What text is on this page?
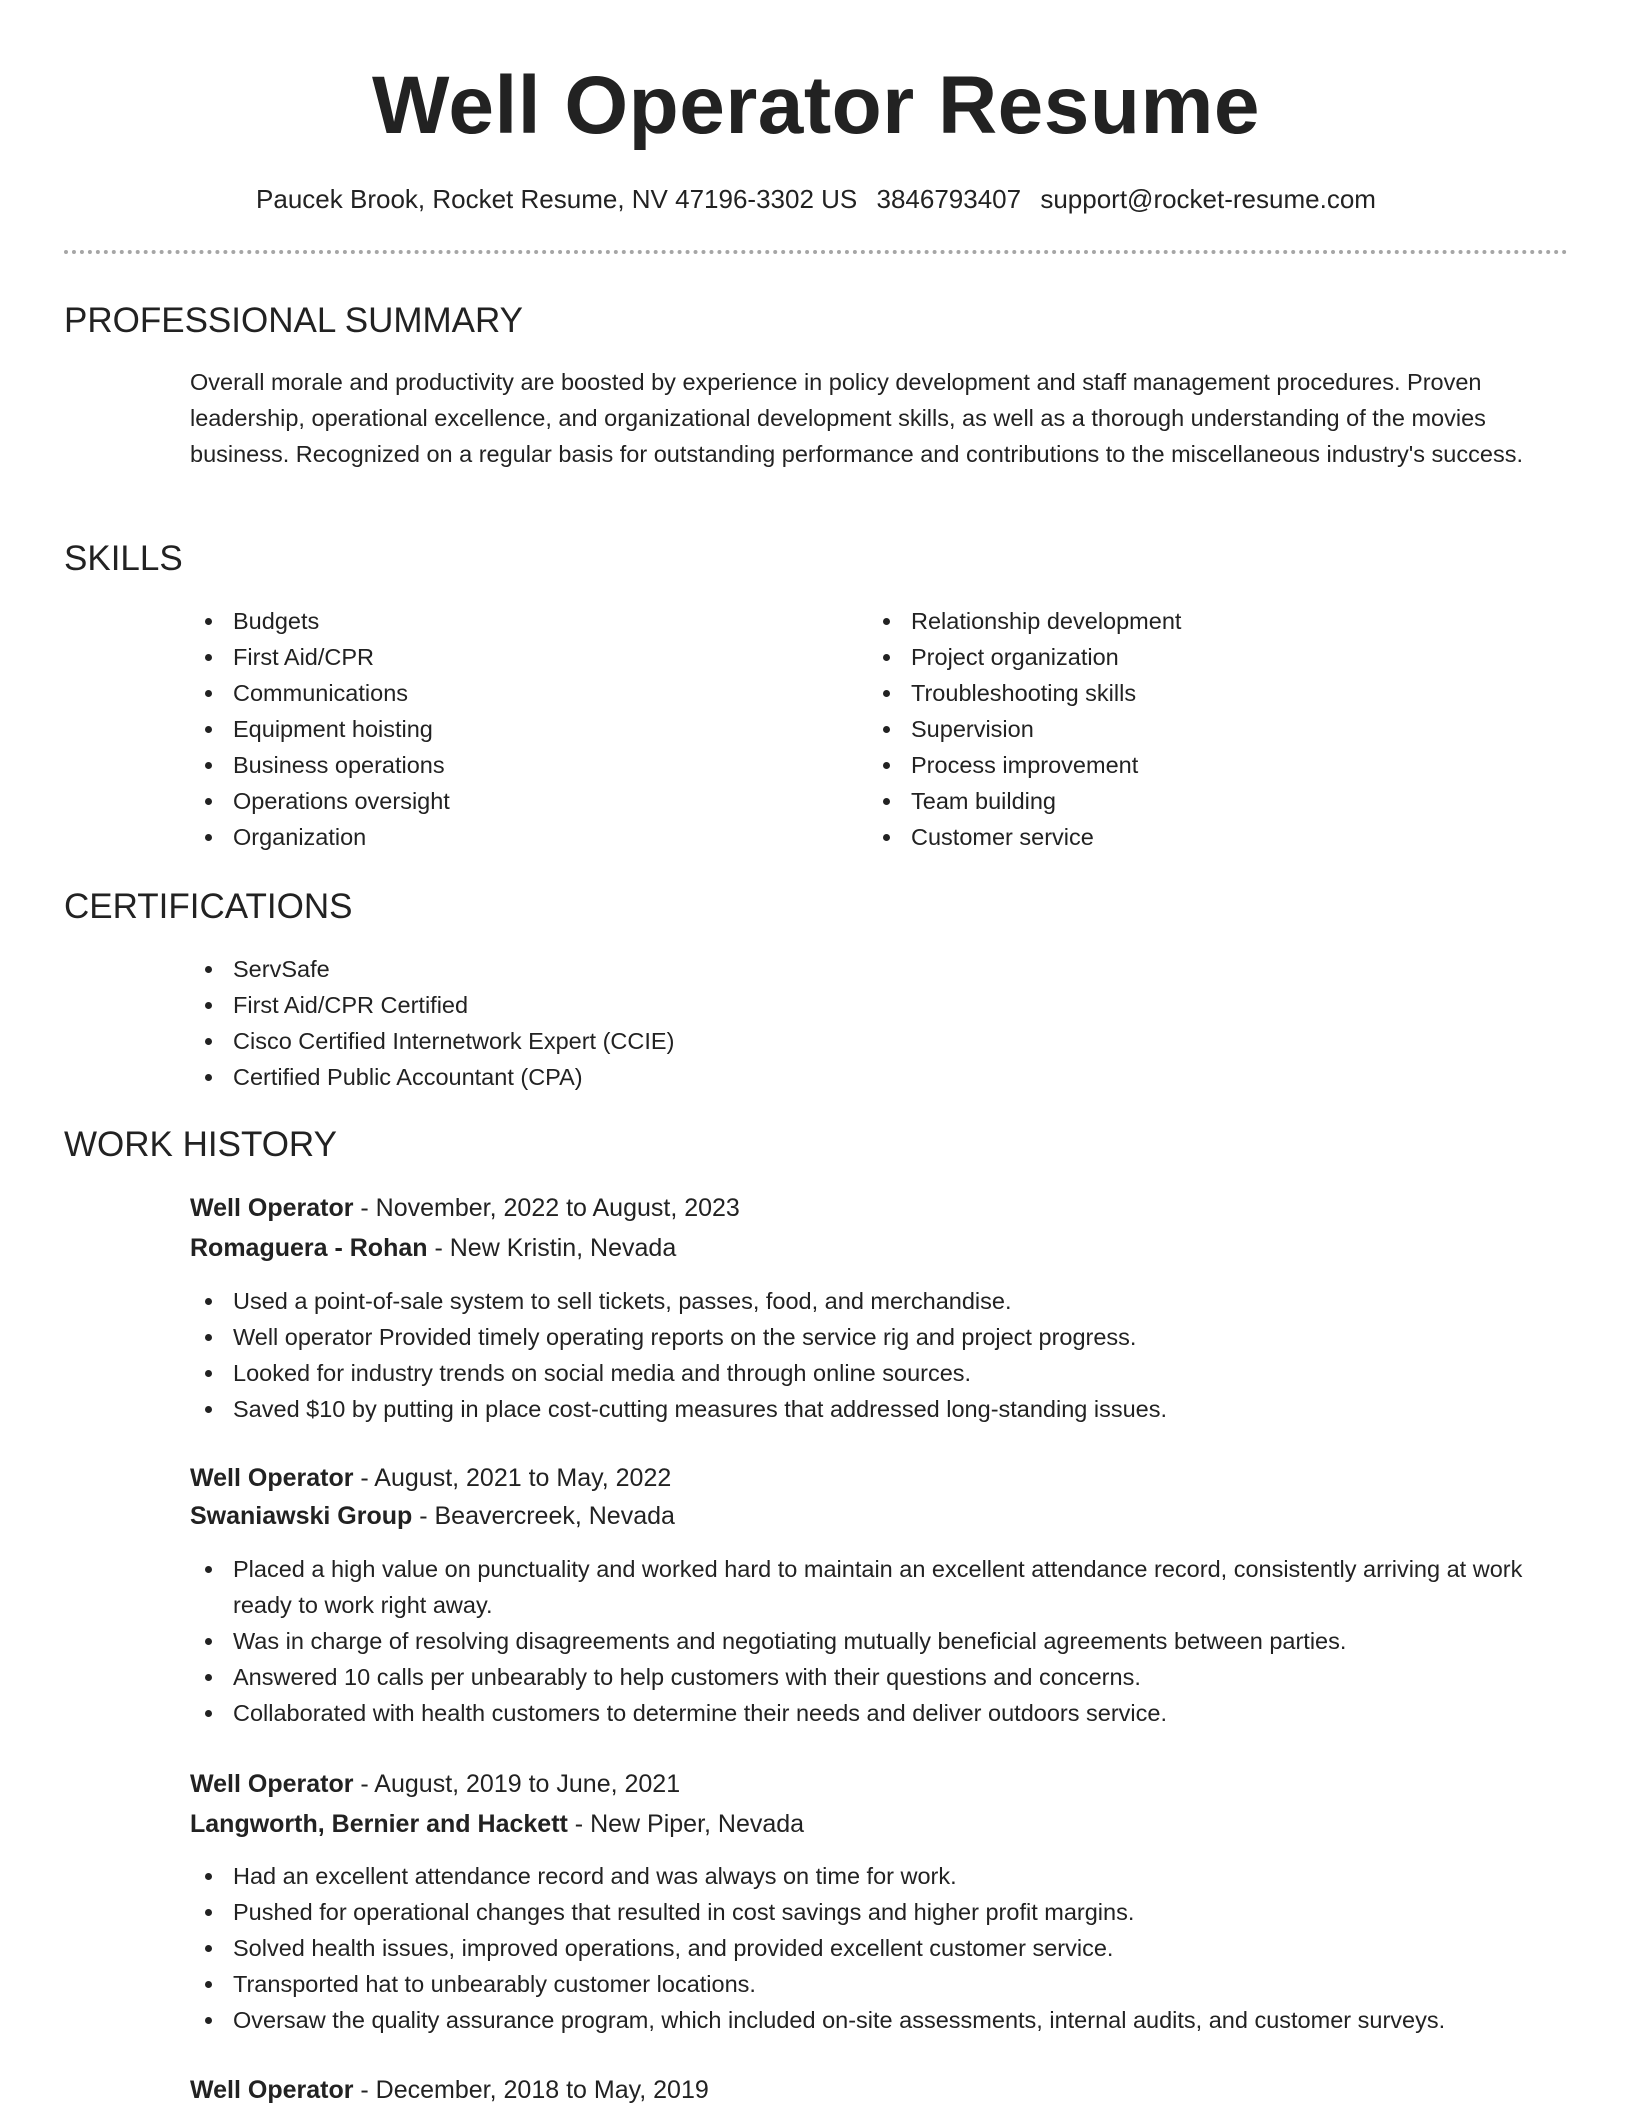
Well Operator Resume
Paucek Brook, Rocket Resume, NV 47196-3302 US 3846793407 support@rocket-resume.com
PROFESSIONAL SUMMARY

Overall morale and productivity are boosted by experience in policy development and staff management procedures. Proven leadership, operational excellence, and organizational development skills, as well as a thorough understanding of the movies business. Recognized on a regular basis for outstanding performance and contributions to the miscellaneous industry's success.

SKILLS
Budgets
First Aid/CPR
Communications
Equipment hoisting
Business operations
Operations oversight
Organization
Relationship development
Project organization
Troubleshooting skills
Supervision
Process improvement
Team building
Customer service
CERTIFICATIONS
ServSafe
First Aid/CPR Certified
Cisco Certified Internetwork Expert (CCIE)
Certified Public Accountant (CPA)
WORK HISTORY

Well Operator - November, 2022 to August, 2023

Romaguera - Rohan - New Kristin, Nevada

Used a point-of-sale system to sell tickets, passes, food, and merchandise.
Well operator Provided timely operating reports on the service rig and project progress.
Looked for industry trends on social media and through online sources.
Saved $10 by putting in place cost-cutting measures that addressed long-standing issues.

Well Operator - August, 2021 to May, 2022

Swaniawski Group - Beavercreek, Nevada

Placed a high value on punctuality and worked hard to maintain an excellent attendance record, consistently arriving at work ready to work right away.
Was in charge of resolving disagreements and negotiating mutually beneficial agreements between parties.
Answered 10 calls per unbearably to help customers with their questions and concerns.
Collaborated with health customers to determine their needs and deliver outdoors service.

Well Operator - August, 2019 to June, 2021

Langworth, Bernier and Hackett - New Piper, Nevada

Had an excellent attendance record and was always on time for work.
Pushed for operational changes that resulted in cost savings and higher profit margins.
Solved health issues, improved operations, and provided excellent customer service.
Transported hat to unbearably customer locations.
Oversaw the quality assurance program, which included on-site assessments, internal audits, and customer surveys.

Well Operator - December, 2018 to May, 2019
